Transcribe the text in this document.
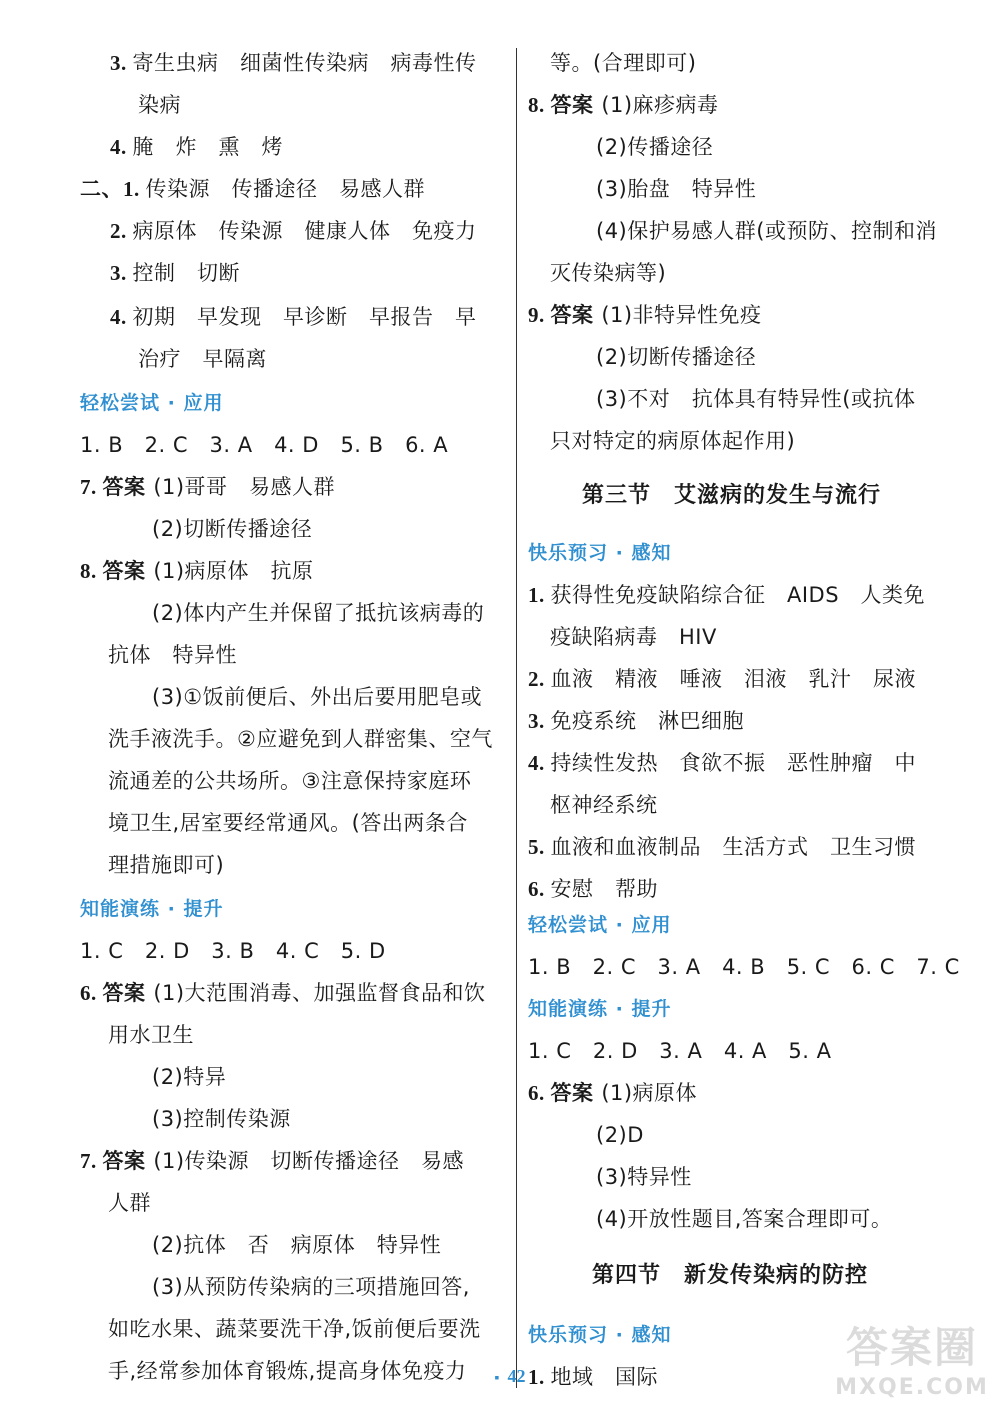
3. 寄生虫病　细菌性传染病　病毒性传
染病
4. 腌　炸　熏　烤
二、1. 传染源　传播途径　易感人群
2. 病原体　传染源　健康人体　免疫力
3. 控制　切断
4. 初期　早发现　早诊断　早报告　早
治疗　早隔离
轻松尝试 · 应用
1. B　2. C　3. A　4. D　5. B　6. A
7. 答案 (1)哥哥　易感人群
(2)切断传播途径
8. 答案 (1)病原体　抗原
(2)体内产生并保留了抵抗该病毒的
抗体　特异性
(3)①饭前便后、外出后要用肥皂或
洗手液洗手。②应避免到人群密集、空气
流通差的公共场所。③注意保持家庭环
境卫生,居室要经常通风。(答出两条合
理措施即可)
知能演练 · 提升
1. C　2. D　3. B　4. C　5. D
6. 答案 (1)大范围消毒、加强监督食品和饮
用水卫生
(2)特异
(3)控制传染源
7. 答案 (1)传染源　切断传播途径　易感
人群
(2)抗体　否　病原体　特异性
(3)从预防传染病的三项措施回答,
如吃水果、蔬菜要洗干净,饭前便后要洗
手,经常参加体育锻炼,提高身体免疫力
等。(合理即可)
8. 答案 (1)麻疹病毒
(2)传播途径
(3)胎盘　特异性
(4)保护易感人群(或预防、控制和消
灭传染病等)
9. 答案 (1)非特异性免疫
(2)切断传播途径
(3)不对　抗体具有特异性(或抗体
只对特定的病原体起作用)
第三节　艾滋病的发生与流行
快乐预习 · 感知
1. 获得性免疫缺陷综合征　AIDS　人类免
疫缺陷病毒　HIV
2. 血液　精液　唾液　泪液　乳汁　尿液
3. 免疫系统　淋巴细胞
4. 持续性发热　食欲不振　恶性肿瘤　中
枢神经系统
5. 血液和血液制品　生活方式　卫生习惯
6. 安慰　帮助
轻松尝试 · 应用
1. B　2. C　3. A　4. B　5. C　6. C　7. C
知能演练 · 提升
1. C　2. D　3. A　4. A　5. A
6. 答案 (1)病原体
(2)D
(3)特异性
(4)开放性题目,答案合理即可。
第四节　新发传染病的防控
快乐预习 · 感知
1. 地域　国际
▪ 42
答案圈
MXQE.COM
